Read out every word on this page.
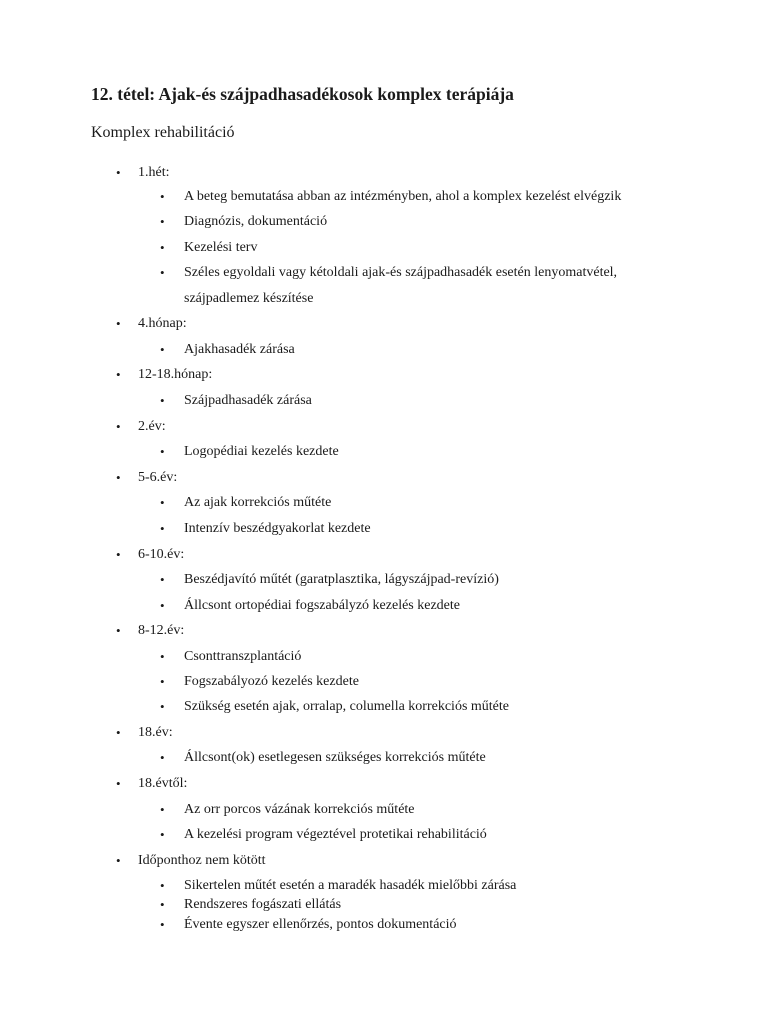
12. tétel: Ajak-és szájpadhasadékosok komplex terápiája
Komplex rehabilitáció
• 1.hét:
• A beteg bemutatása abban az intézményben, ahol a komplex kezelést elvégzik
• Diagnózis, dokumentáció
• Kezelési terv
• Széles egyoldali vagy kétoldali ajak-és szájpadhasadék esetén lenyomatvétel,
szájpadlemez készítése
• 4.hónap:
• Ajakhasadék zárása
• 12-18.hónap:
• Szájpadhasadék zárása
• 2.év:
• Logopédiai kezelés kezdete
• 5-6.év:
• Az ajak korrekciós műtéte
• Intenzív beszédgyakorlat kezdete
• 6-10.év:
• Beszédjavító műtét (garatplasztika, lágyszájpad-revízió)
• Állcsont ortopédiai fogszabályzó kezelés kezdete
• 8-12.év:
• Csonttranszplantáció
• Fogszabályozó kezelés kezdete
• Szükség esetén ajak, orralap, columella korrekciós műtéte
• 18.év:
• Állcsont(ok) esetlegesen szükséges korrekciós műtéte
• 18.évtől:
• Az orr porcos vázának korrekciós műtéte
• A kezelési program végeztével protetikai rehabilitáció
• Időponthoz nem kötött
• Sikertelen műtét esetén a maradék hasadék mielőbbi zárása
• Rendszeres fogászati ellátás
• Évente egyszer ellenőrzés, pontos dokumentáció
